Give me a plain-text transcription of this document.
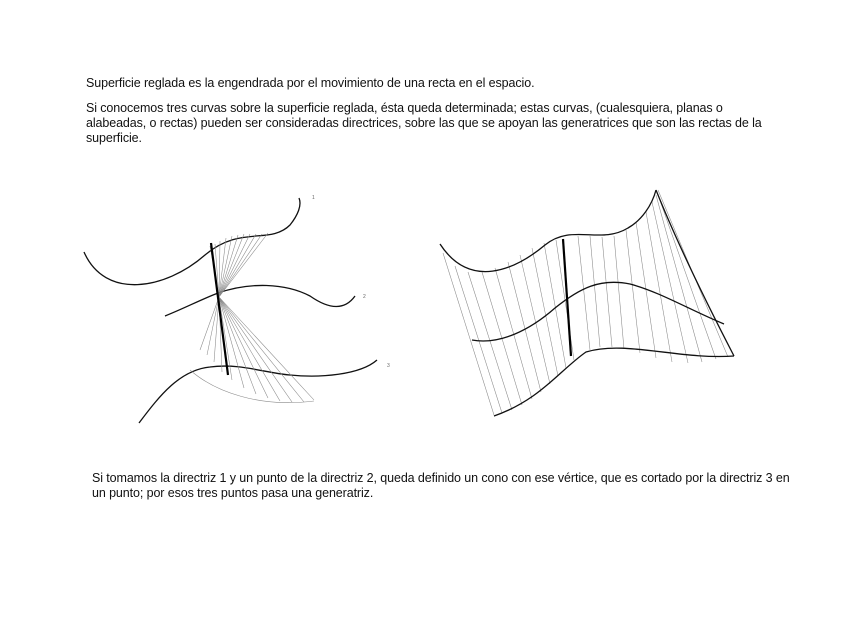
Superficie reglada es la engendrada por el movimiento de una recta en el espacio.

Si conocemos tres curvas sobre la superficie reglada, ésta queda determinada; estas curvas, (cualesquiera, planas o alabeadas, o rectas) pueden ser consideradas directrices, sobre las que se apoyan las generatrices que son las rectas de la superficie.

1
2
3

Si tomamos la directriz 1 y un punto de la directriz 2, queda definido un cono con ese vértice, que es cortado por la directriz 3 en un punto; por esos tres puntos pasa una generatriz.
